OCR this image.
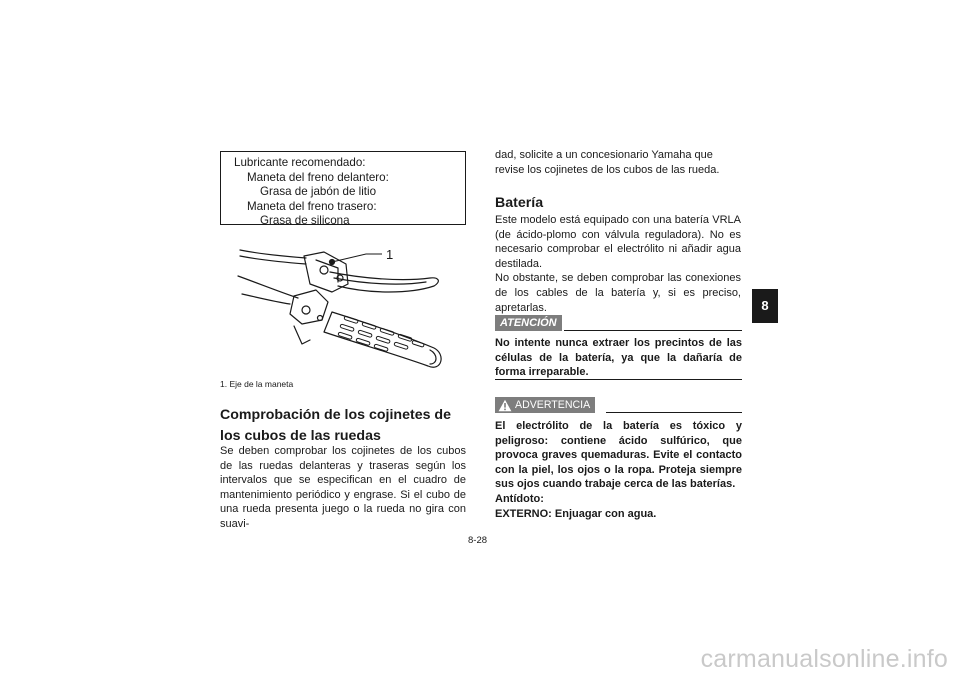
Lubricante recomendado:
Maneta del freno delantero:
Grasa de jabón de litio
Maneta del freno trasero:
Grasa de silicona
1
1. Eje de la maneta
Comprobación de los cojinetes de los cubos de las ruedas
Se deben comprobar los cojinetes de los cubos de las ruedas delanteras y traseras según los intervalos que se especifican en el cuadro de mantenimiento periódico y engrase. Si el cubo de una rueda presenta juego o la rueda no gira con suavi-
dad, solicite a un concesionario Yamaha que revise los cojinetes de los cubos de las rueda.
Batería

Este modelo está equipado con una batería VRLA (de ácido-plomo con válvula reguladora). No es necesario comprobar el electrólito ni añadir agua destilada.

No obstante, se deben comprobar las conexiones de los cables de la batería y, si es preciso, apretarlas.

ATENCIÓN
No intente nunca extraer los precintos de las células de la batería, ya que la dañaría de forma irreparable.
ADVERTENCIA
El electrólito de la batería es tóxico y peligroso: contiene ácido sulfúrico, que provoca graves quemaduras. Evite el contacto con la piel, los ojos o la ropa. Proteja siempre sus ojos cuando trabaje cerca de las baterías.
Antídoto:
EXTERNO: Enjuagar con agua.
8-28
8
carmanualsonline.info
